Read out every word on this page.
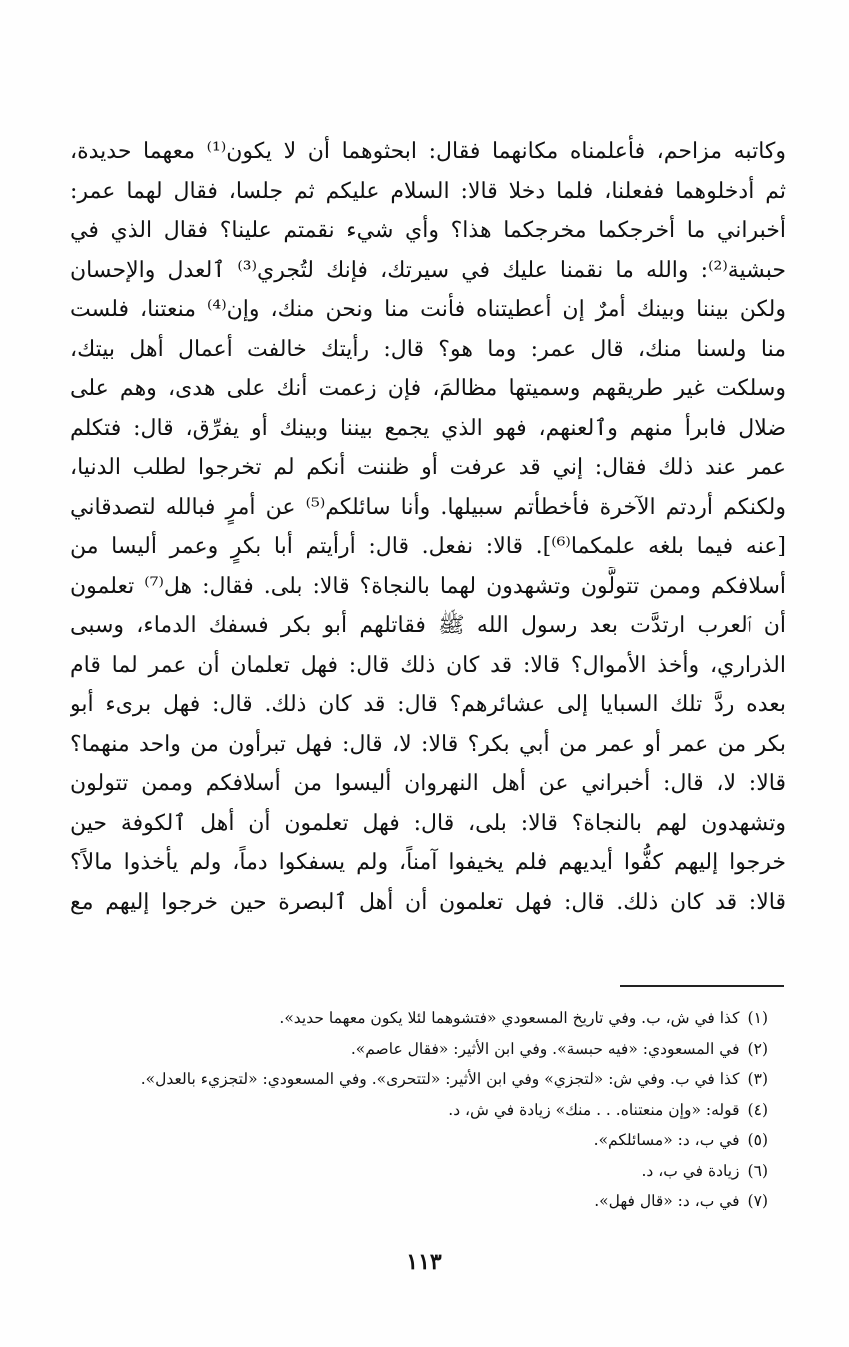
وكاتبه مزاحم، فأعلمناه مكانهما فقال: ابحثوهما أن لا يكون⁽¹⁾ معهما حديدة،
ثم أدخلوهما ففعلنا، فلما دخلا قالا: السلام عليكم ثم جلسا، فقال لهما عمر:
أخبراني ما أخرجكما مخرجكما هذا؟ وأي شيء نقمتم علينا؟ فقال الذي في
حبشية⁽²⁾: والله ما نقمنا عليك في سيرتك، فإنك لتُجري⁽³⁾ ٱلعدل والإحسان
ولكن بيننا وبينك أمرٌ إن أعطيتناه فأنت منا ونحن منك، وإن⁽⁴⁾ منعتنا، فلست
منا ولسنا منك، قال عمر: وما هو؟ قال: رأيتك خالفت أعمال أهل بيتك،
وسلكت غير طريقهم وسميتها مظالمَ، فإن زعمت أنك على هدى، وهم على
ضلال فابرأ منهم وٱلعنهم، فهو الذي يجمع بيننا وبينك أو يفرِّق، قال: فتكلم
عمر عند ذلك فقال: إني قد عرفت أو ظننت أنكم لم تخرجوا لطلب الدنيا،
ولكنكم أردتم الآخرة فأخطأتم سبيلها. وأنا سائلكم⁽⁵⁾ عن أمرٍ فبالله لتصدقاني
[عنه فيما بلغه علمكما⁽⁶⁾]. قالا: نفعل. قال: أرأيتم أبا بكرٍ وعمر أليسا من
أسلافكم وممن تتولَّون وتشهدون لهما بالنجاة؟ قالا: بلى. فقال: هل⁽⁷⁾ تعلمون
أن ٱلعرب ارتدَّت بعد رسول الله ﷺ فقاتلهم أبو بكر فسفك الدماء، وسبى
الذراري، وأخذ الأموال؟ قالا: قد كان ذلك قال: فهل تعلمان أن عمر لما قام
بعده ردَّ تلك السبايا إلى عشائرهم؟ قال: قد كان ذلك. قال: فهل برىء أبو
بكر من عمر أو عمر من أبي بكر؟ قالا: لا، قال: فهل تبرأون من واحد منهما؟
قالا: لا، قال: أخبراني عن أهل النهروان أليسوا من أسلافكم وممن تتولون
وتشهدون لهم بالنجاة؟ قالا: بلى، قال: فهل تعلمون أن أهل ٱلكوفة حين
خرجوا إليهم كفُّوا أيديهم فلم يخيفوا آمناً، ولم يسفكوا دماً، ولم يأخذوا مالاً؟
قالا: قد كان ذلك. قال: فهل تعلمون أن أهل ٱلبصرة حين خرجوا إليهم مع
(١)كذا في ش، ب. وفي تاريخ المسعودي «فتشوهما لئلا يكون معهما حديد».
(٢)في المسعودي: «فيه حبسة». وفي ابن الأثير: «فقال عاصم».
(٣)كذا في ب. وفي ش: «لتجزي» وفي ابن الأثير: «لتتحرى». وفي المسعودي: «لتجزيء بالعدل».
(٤)قوله: «وإن منعتناه. . . منك» زيادة في ش، د.
(٥)في ب، د: «مسائلكم».
(٦)زيادة في ب، د.
(٧)في ب، د: «قال فهل».
١١٣
